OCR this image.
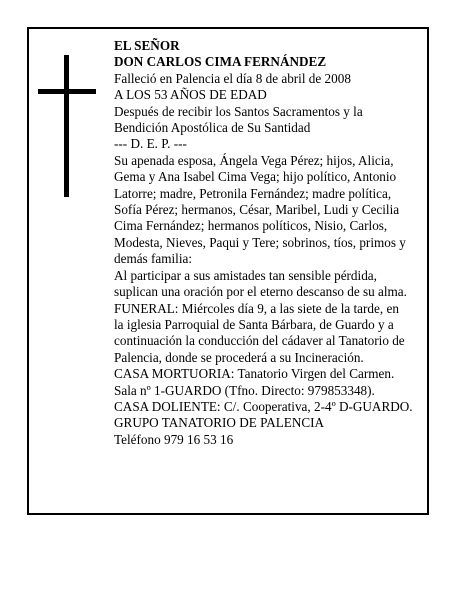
EL SEÑOR
DON CARLOS CIMA FERNÁNDEZ
Falleció en Palencia el día 8 de abril de 2008
A LOS 53 AÑOS DE EDAD
Después de recibir los Santos Sacramentos y la
Bendición Apostólica de Su Santidad
--- D. E. P. ---
Su apenada esposa, Ángela Vega Pérez; hijos, Alicia,
Gema y Ana Isabel Cima Vega; hijo político, Antonio
Latorre; madre, Petronila Fernández; madre política,
Sofía Pérez; hermanos, César, Maribel, Ludi y Cecilia
Cima Fernández; hermanos políticos, Nisio, Carlos,
Modesta, Nieves, Paqui y Tere; sobrinos, tíos, primos y
demás familia:
Al participar a sus amistades tan sensible pérdida,
suplican una oración por el eterno descanso de su alma.
FUNERAL: Miércoles día 9, a las siete de la tarde, en
la iglesia Parroquial de Santa Bárbara, de Guardo y a
continuación la conducción del cádaver al Tanatorio de
Palencia, donde se procederá a su Incineración.
CASA MORTUORIA: Tanatorio Virgen del Carmen.
Sala nº 1-GUARDO (Tfno. Directo: 979853348).
CASA DOLIENTE: C/. Cooperativa, 2-4º D-GUARDO.
GRUPO TANATORIO DE PALENCIA
Teléfono 979 16 53 16
